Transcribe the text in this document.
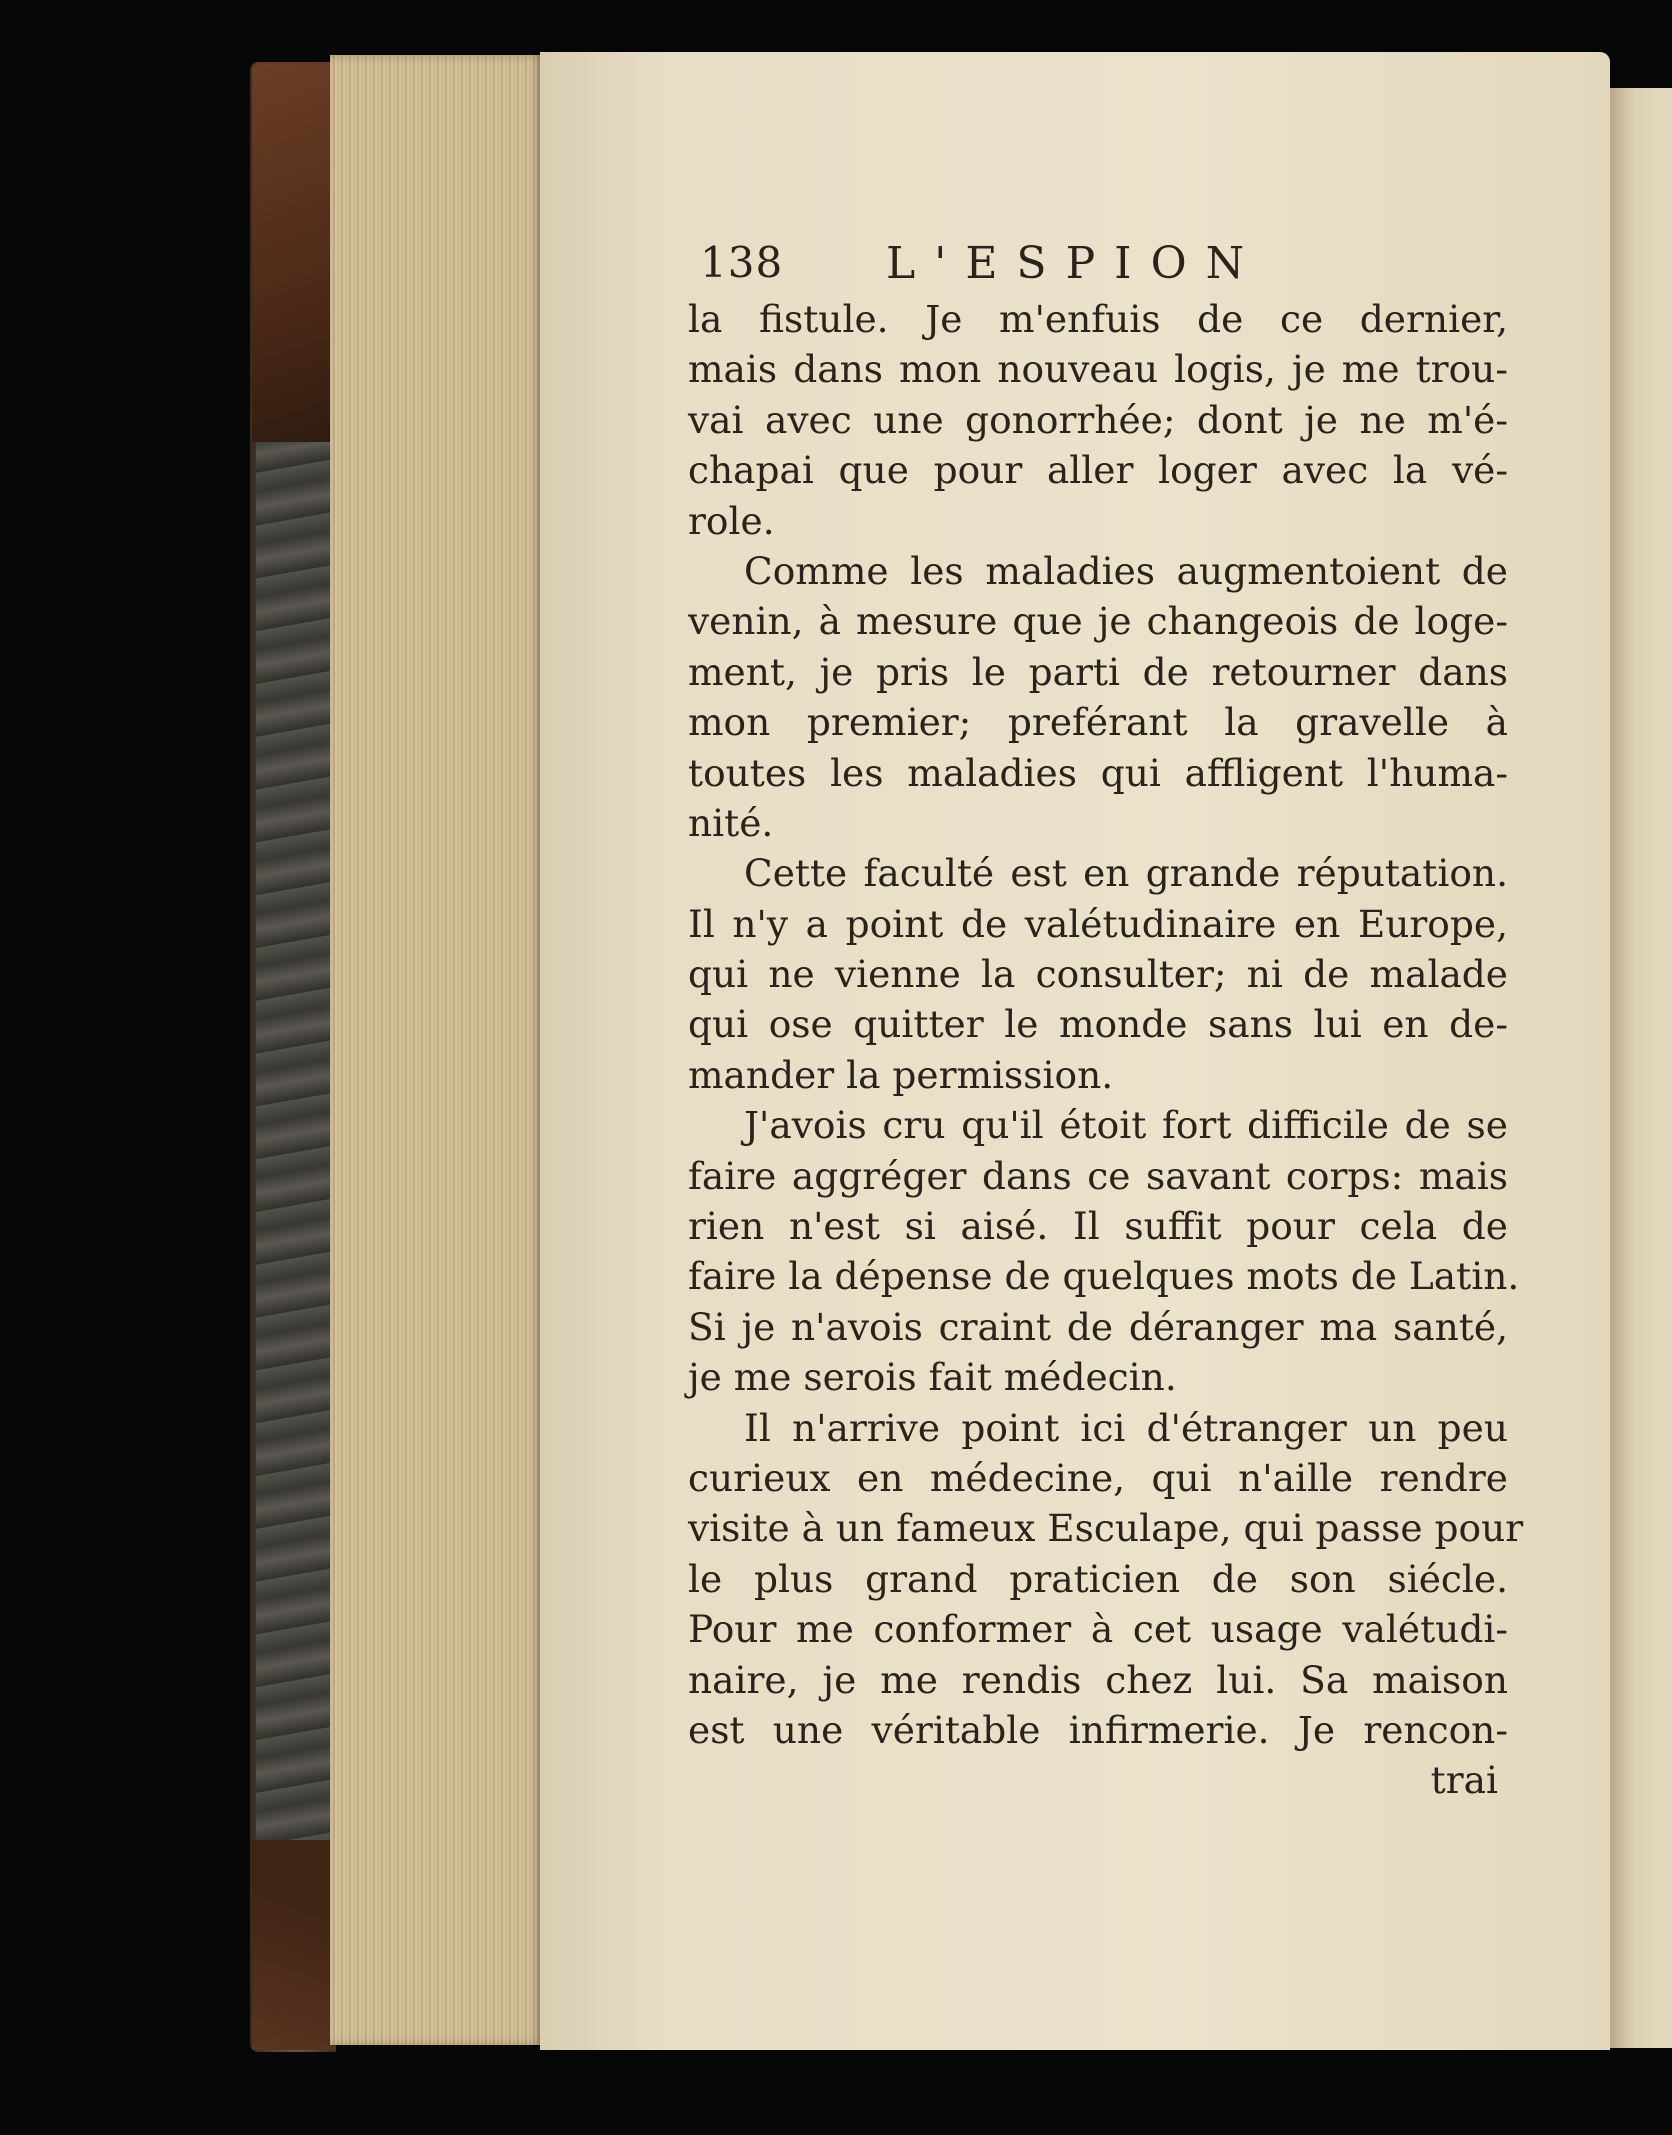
138 L'ESPION
la fistule. Je m'enfuis de ce dernier,
mais dans mon nouveau logis, je me trou-
vai avec une gonorrhée; dont je ne m'é-
chapai que pour aller loger avec la vé-
role.
Comme les maladies augmentoient de
venin, à mesure que je changeois de loge-
ment, je pris le parti de retourner dans
mon premier; preférant la gravelle à
toutes les maladies qui affligent l'huma-
nité.
Cette faculté est en grande réputation.
Il n'y a point de valétudinaire en Europe,
qui ne vienne la consulter; ni de malade
qui ose quitter le monde sans lui en de-
mander la permission.
J'avois cru qu'il étoit fort difficile de se
faire aggréger dans ce savant corps: mais
rien n'est si aisé. Il suffit pour cela de
faire la dépense de quelques mots de Latin.
Si je n'avois craint de déranger ma santé,
je me serois fait médecin.
Il n'arrive point ici d'étranger un peu
curieux en médecine, qui n'aille rendre
visite à un fameux Esculape, qui passe pour
le plus grand praticien de son siécle.
Pour me conformer à cet usage valétudi-
naire, je me rendis chez lui. Sa maison
est une véritable infirmerie. Je rencon-
trai
